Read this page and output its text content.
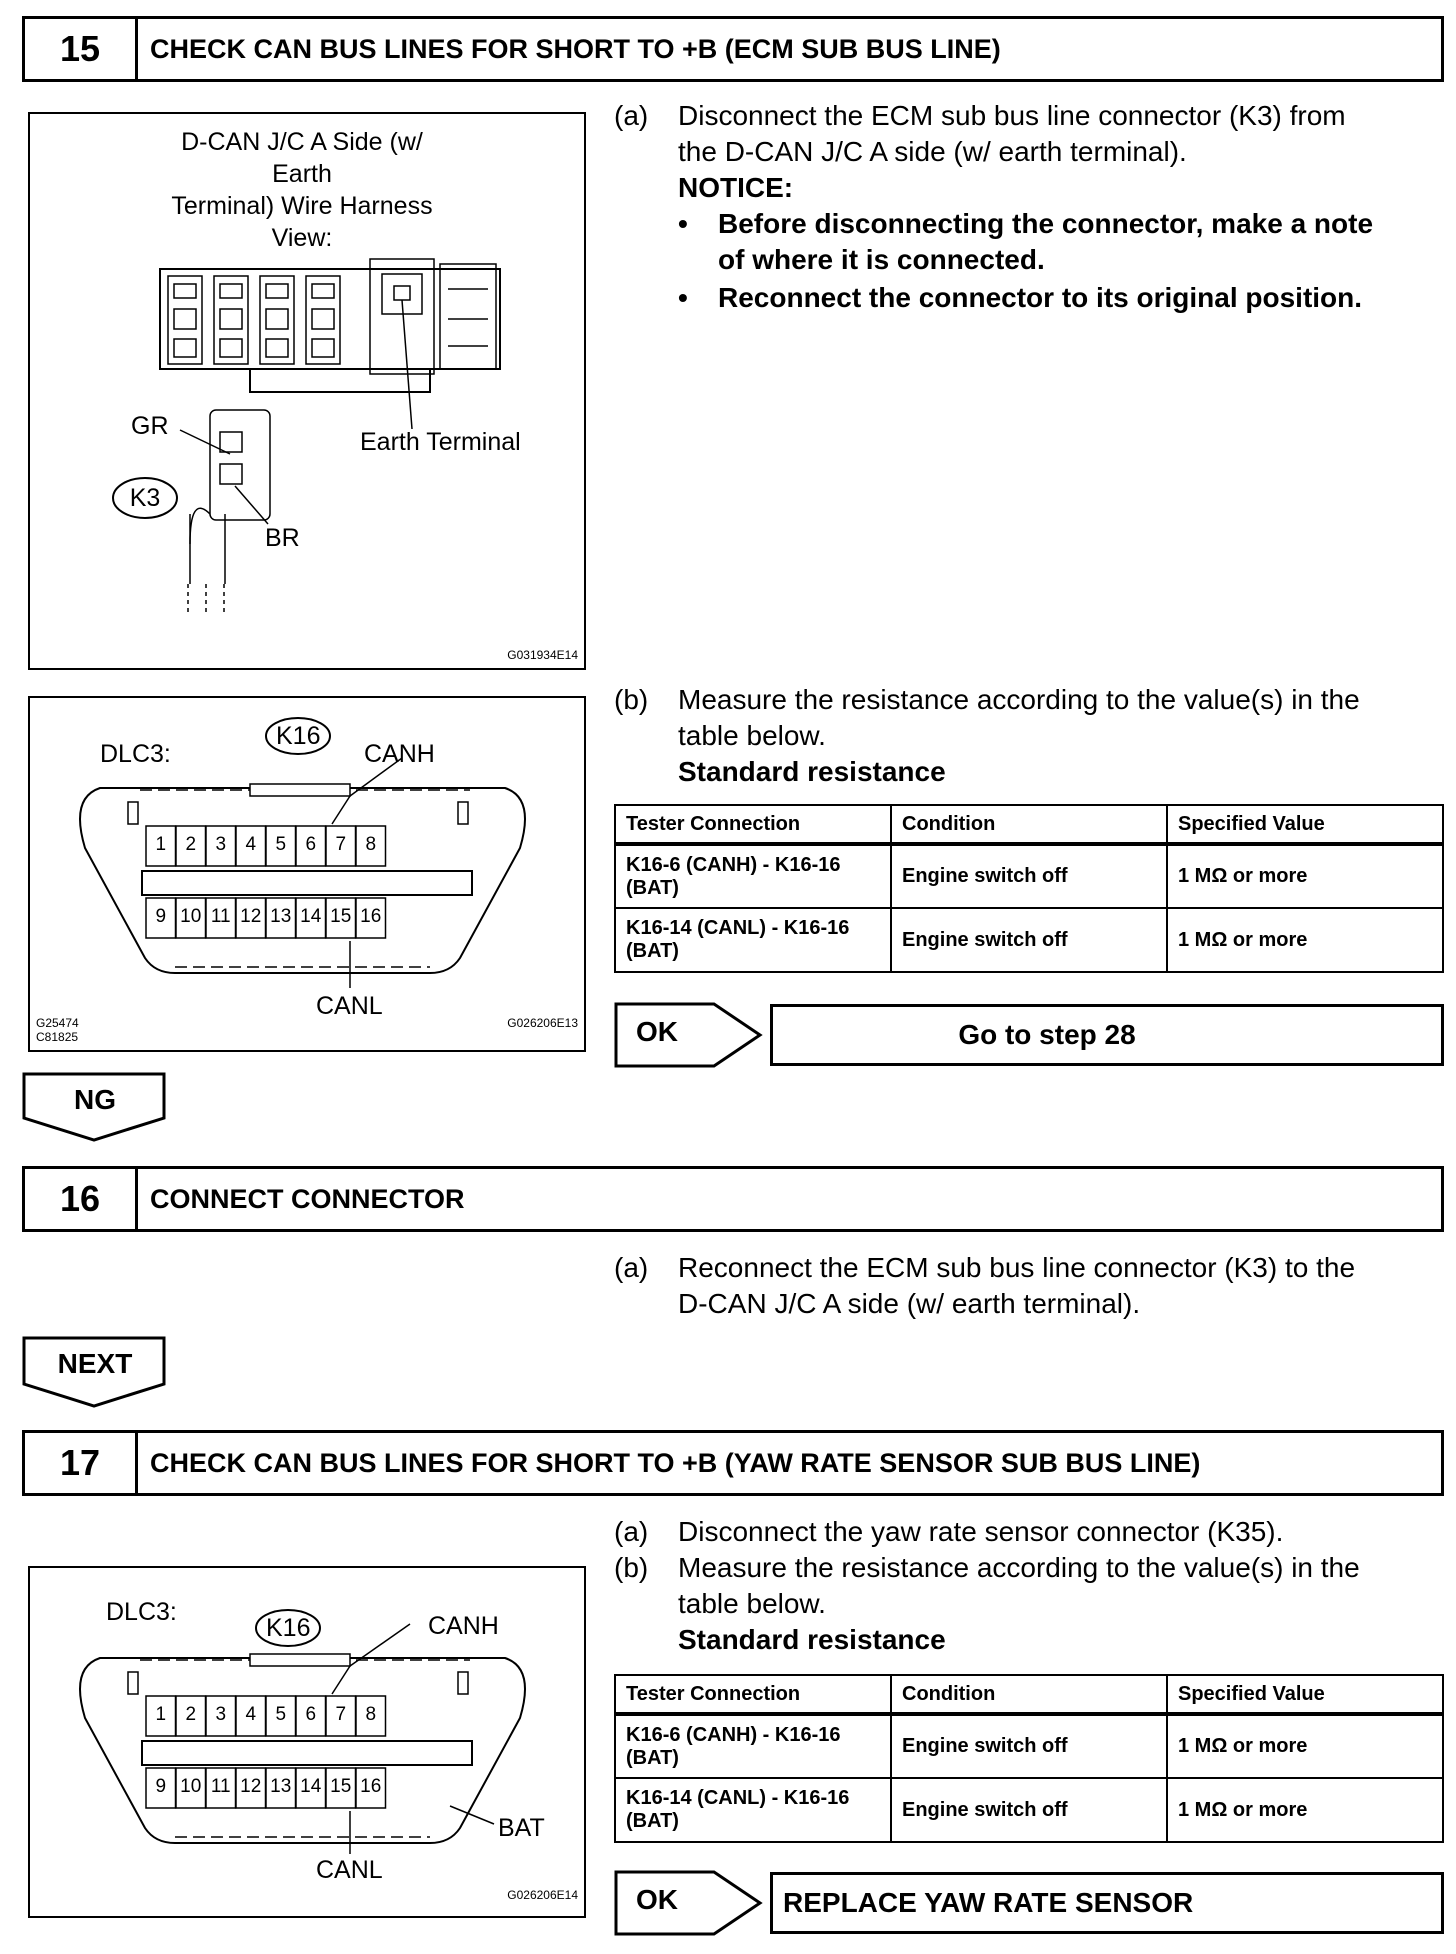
15	CHECK CAN BUS LINES FOR SHORT TO +B (ECM SUB BUS LINE)
D-CAN J/C A Side (w/ Earth
Terminal) Wire Harness View:
GR
K3
BR
Earth Terminal
G031934E14
(a) Disconnect the ECM sub bus line connector (K3) from
the D-CAN J/C A side (w/ earth terminal).
NOTICE:
• Before disconnecting the connector, make a note
of where it is connected.
• Reconnect the connector to its original position.
1	2	3	4	5	6	7	8
9 10 11 12 13 14 15 16
DLC3:
K16
CANH
CANL
G25474
C81825
G026206E13
(b) Measure the resistance according to the value(s) in the
table below.
Standard resistance
Tester Connection	Condition	Specified Value
K16-6 (CANH) - K16-16 (BAT)	Engine switch off	1 MΩ or more
K16-14 (CANL) - K16-16 (BAT)	Engine switch off	1 MΩ or more
OK	Go to step 28
NG
16	CONNECT CONNECTOR
(a) Reconnect the ECM sub bus line connector (K3) to the
D-CAN J/C A side (w/ earth terminal).
NEXT
17	CHECK CAN BUS LINES FOR SHORT TO +B (YAW RATE SENSOR SUB BUS LINE)
(a) Disconnect the yaw rate sensor connector (K35).
(b) Measure the resistance according to the value(s) in the
table below.
Standard resistance
1	2	3	4	5	6	7	8
9 10 11 12 13 14 15 16
DLC3:
K16	CANH
CANL
BAT
G026206E14
Tester Connection	Condition	Specified Value
K16-6 (CANH) - K16-16 (BAT)	Engine switch off	1 MΩ or more
K16-14 (CANL) - K16-16 (BAT)	Engine switch off	1 MΩ or more
OK	REPLACE YAW RATE SENSOR
